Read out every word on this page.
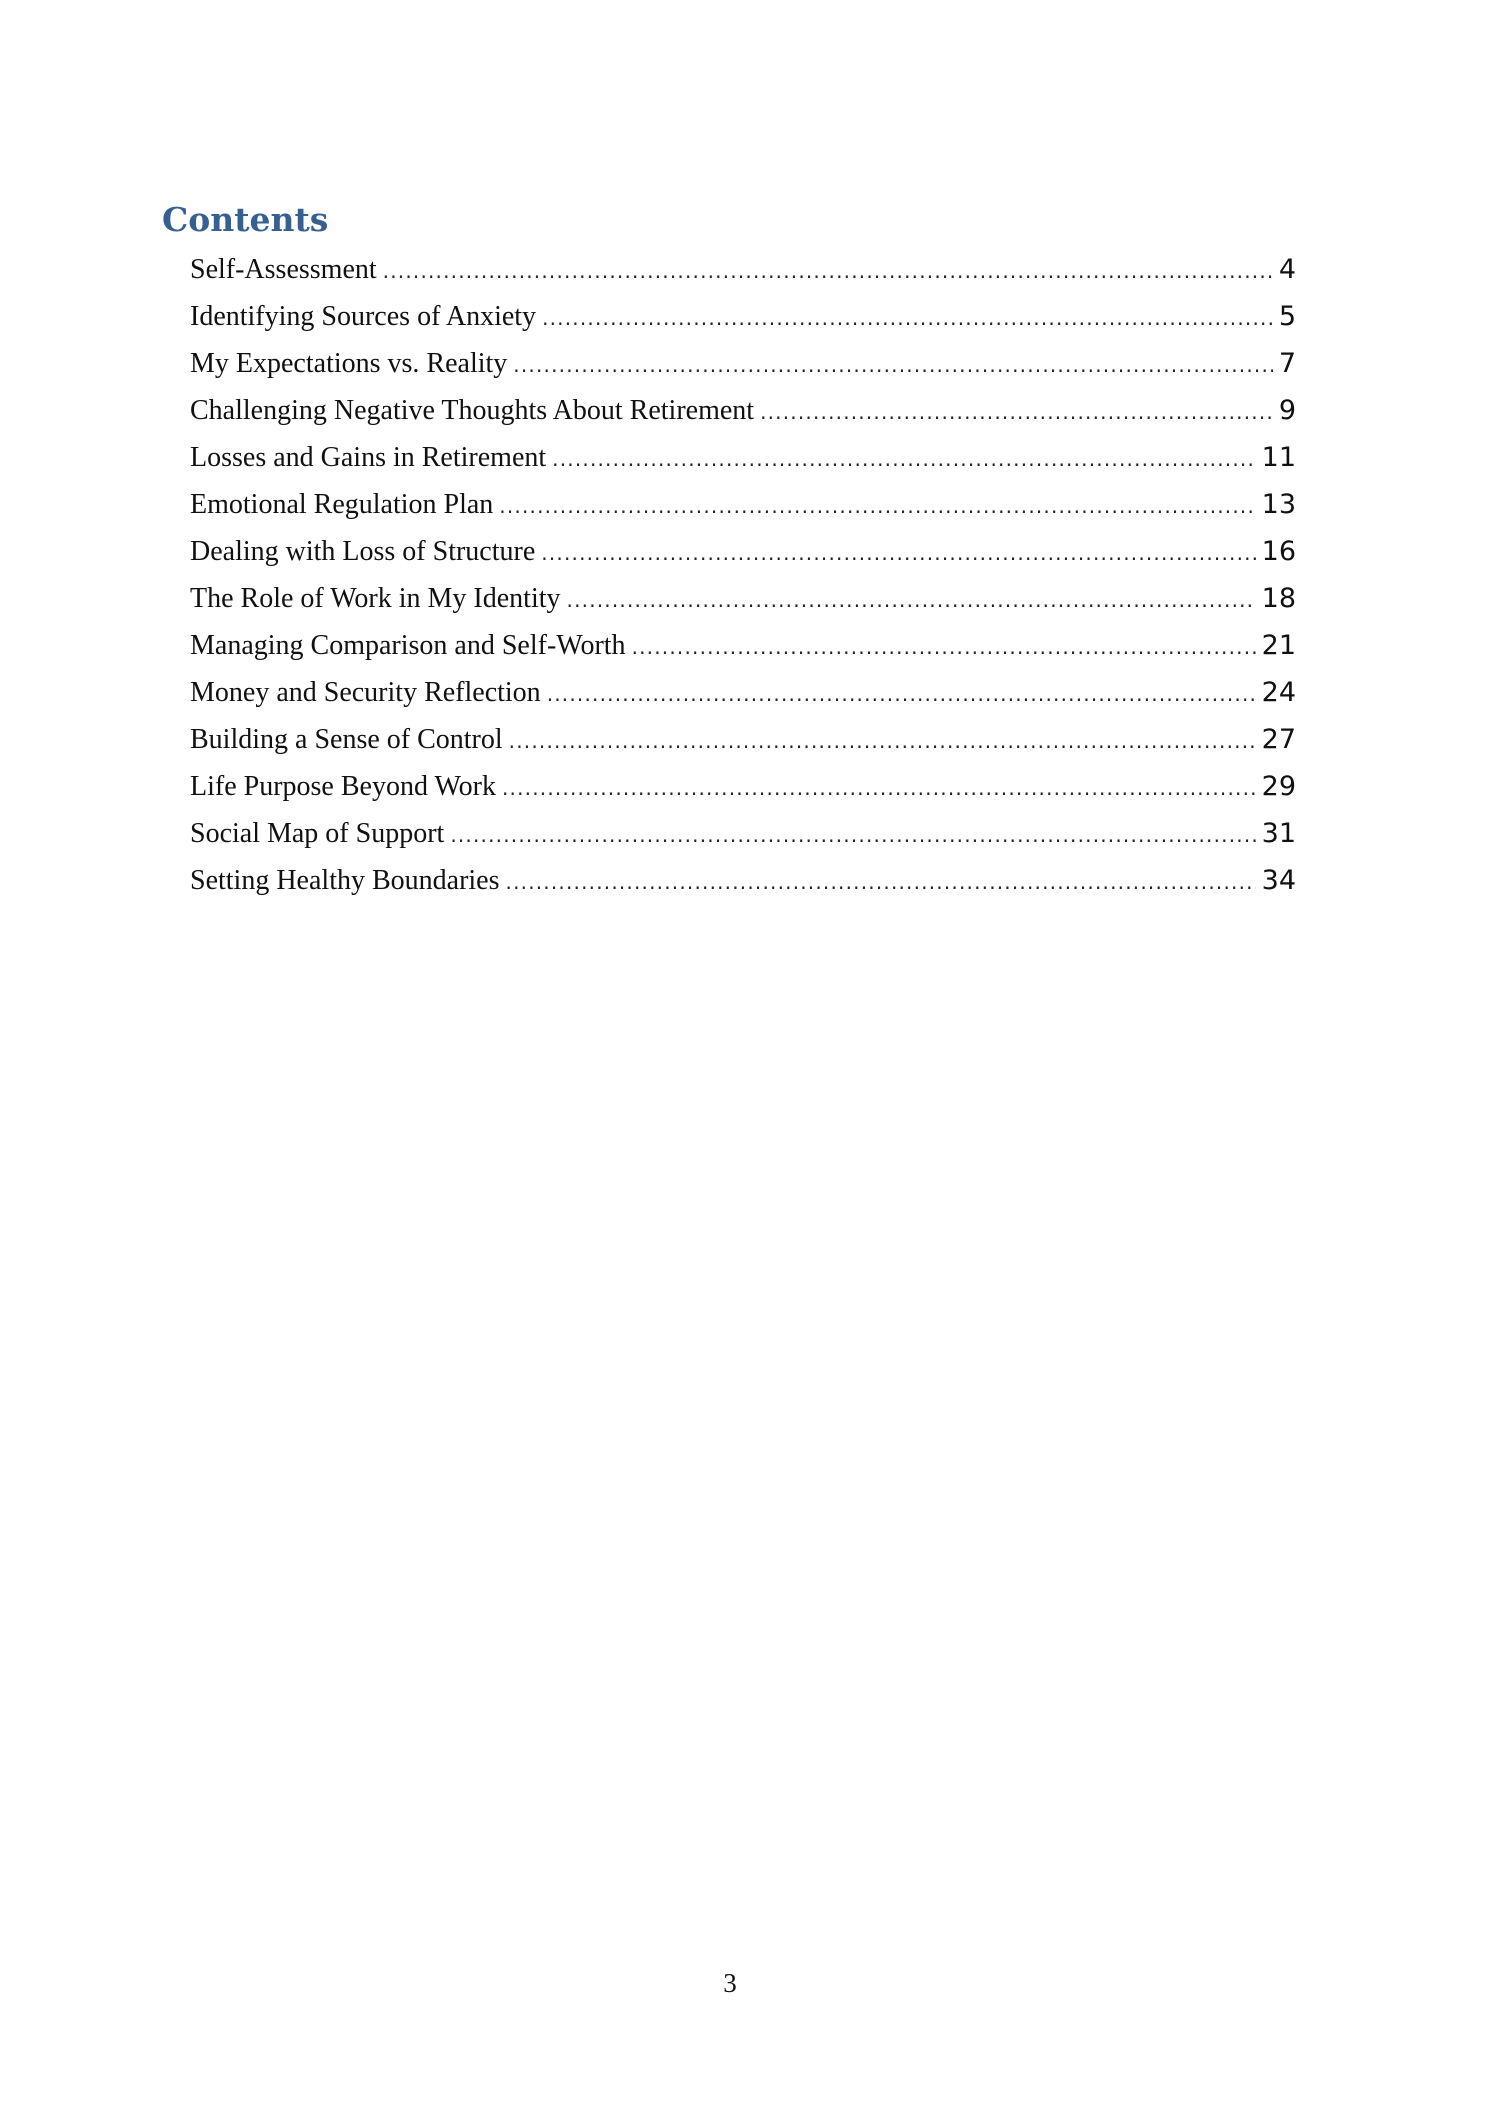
Contents
Self-Assessment .....	4
Identifying Sources of Anxiety .....	5
My Expectations vs. Reality .....	7
Challenging Negative Thoughts About Retirement .....	9
Losses and Gains in Retirement .....	11
Emotional Regulation Plan .....	13
Dealing with Loss of Structure .....	16
The Role of Work in My Identity .....	18
Managing Comparison and Self-Worth .....	21
Money and Security Reflection .....	24
Building a Sense of Control .....	27
Life Purpose Beyond Work .....	29
Social Map of Support .....	31
Setting Healthy Boundaries .....	34
3
